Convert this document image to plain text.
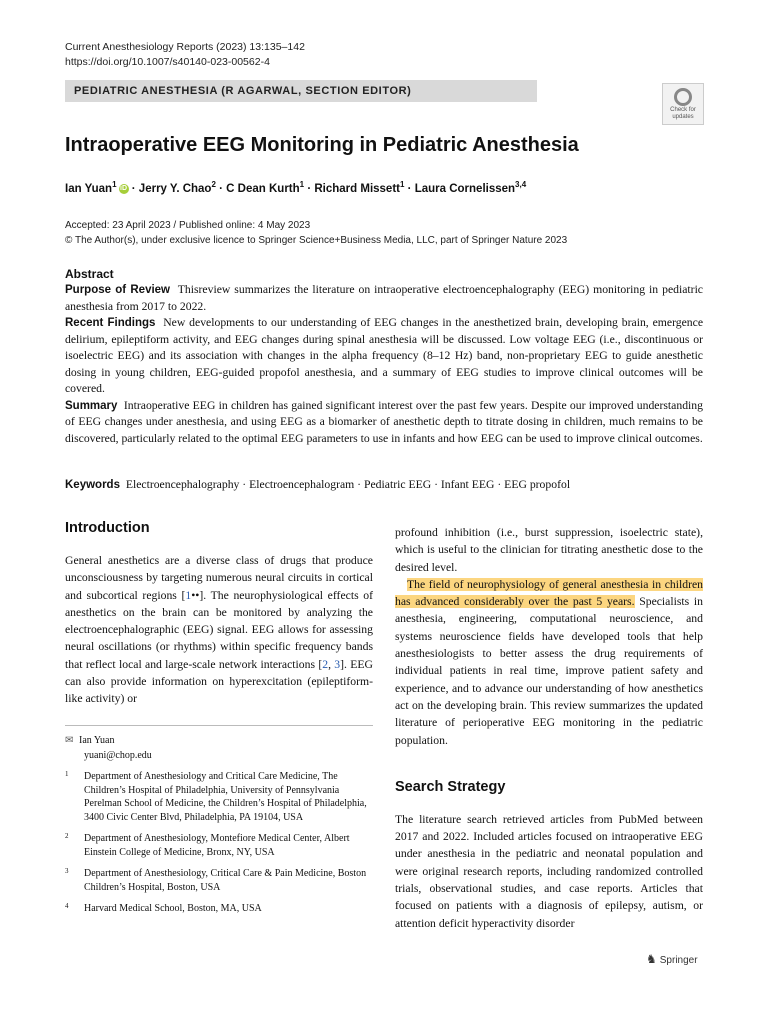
Current Anesthesiology Reports (2023) 13:135–142
https://doi.org/10.1007/s40140-023-00562-4
PEDIATRIC ANESTHESIA (R AGARWAL, SECTION EDITOR)
Check for
updates
Intraoperative EEG Monitoring in Pediatric Anesthesia
Ian Yuan$^1$ iD · Jerry Y. Chao$^2$ · C Dean Kurth$^1$ · Richard Missett$^1$ · Laura Cornelissen$^{3,4}$
Accepted: 23 April 2023 / Published online: 4 May 2023
© The Author(s), under exclusive licence to Springer Science+Business Media, LLC, part of Springer Nature 2023
Abstract

Purpose of Review Thisreview summarizes the literature on intraoperative electroencephalography (EEG) monitoring in pediatric anesthesia from 2017 to 2022.

Recent Findings New developments to our understanding of EEG changes in the anesthetized brain, developing brain, emergence delirium, epileptiform activity, and EEG changes during spinal anesthesia will be discussed. Low voltage EEG (i.e., discontinuous or isoelectric EEG) and its association with changes in the alpha frequency (8–12 Hz) band, non-proprietary EEG to guide anesthetic dosing in young children, EEG-guided propofol anesthesia, and a summary of EEG studies to improve clinical outcomes will be covered.

Summary Intraoperative EEG in children has gained significant interest over the past few years. Despite our improved understanding of EEG changes under anesthesia, and using EEG as a biomarker of anesthetic depth to titrate dosing in children, much remains to be discovered, particularly related to the optimal EEG parameters to use in infants and how EEG can be used to improve clinical outcomes.

Keywords Electroencephalography · Electroencephalogram · Pediatric EEG · Infant EEG · EEG propofol
Introduction

General anesthetics are a diverse class of drugs that produce unconsciousness by targeting numerous neural circuits in cortical and subcortical regions [1••]. The neurophysiological effects of anesthetics on the brain can be monitored by analyzing the electroencephalographic (EEG) signal. EEG allows for assessing neural oscillations (or rhythms) within specific frequency bands that reflect local and large-scale network interactions [2, 3]. EEG can also provide information on hyperexcitation (epileptiform-like activity) or

✉ Ian Yuan
yuani@chop.edu
1 Department of Anesthesiology and Critical Care Medicine, The Children’s Hospital of Philadelphia, University of Pennsylvania Perelman School of Medicine, the Children’s Hospital of Philadelphia, 3400 Civic Center Blvd, Philadelphia, PA 19104, USA
2 Department of Anesthesiology, Montefiore Medical Center, Albert Einstein College of Medicine, Bronx, NY, USA
3 Department of Anesthesiology, Critical Care & Pain Medicine, Boston Children’s Hospital, Boston, USA
4 Harvard Medical School, Boston, MA, USA

profound inhibition (i.e., burst suppression, isoelectric state), which is useful to the clinician for titrating anesthetic dose to the desired level.

The field of neurophysiology of general anesthesia in children has advanced considerably over the past 5 years. Specialists in anesthesia, engineering, computational neuroscience, and systems neuroscience fields have developed tools that help anesthesiologists to better assess the drug requirements of individual patients in real time, improve patient safety and experience, and to advance our understanding of how anesthetics act on the developing brain. This review summarizes the updated literature of perioperative EEG monitoring in the pediatric population.

Search Strategy

The literature search retrieved articles from PubMed between 2017 and 2022. Included articles focused on intraoperative EEG under anesthesia in the pediatric and neonatal population and were original research reports, including randomized controlled trials, observational studies, and case reports. Articles that focused on patients with a diagnosis of epilepsy, autism, or attention deficit hyperactivity disorder

♞ Springer
